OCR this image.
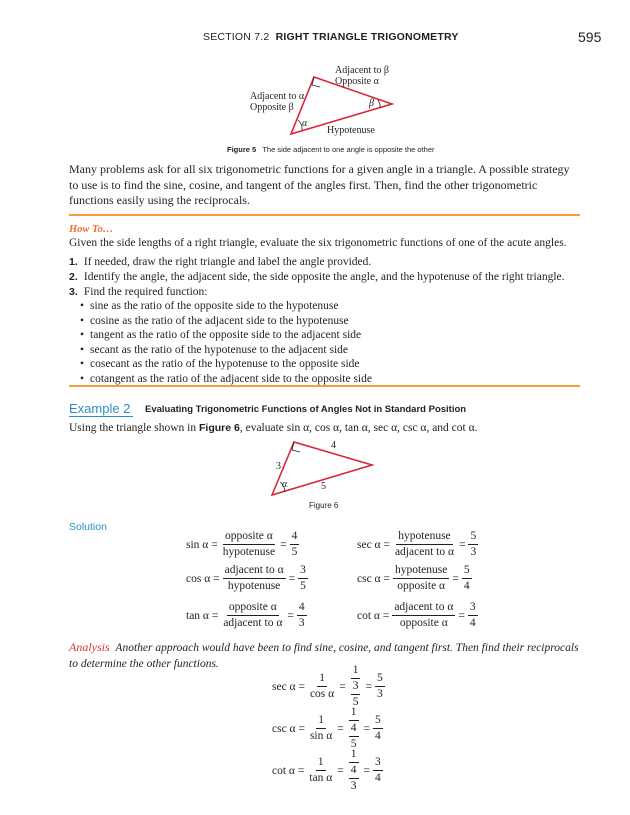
SECTION 7.2 RIGHT TRIANGLE TRIGONOMETRY	595
Adjacent to β
Opposite α
Adjacent to α
Opposite β
α
β
Hypotenuse
Figure 5 The side adjacent to one angle is opposite the other
Many problems ask for all six trigonometric functions for a given angle in a triangle. A possible strategy to use is to find the sine, cosine, and tangent of the angles first. Then, find the other trigonometric functions easily using the reciprocals.
How To…
Given the side lengths of a right triangle, evaluate the six trigonometric functions of one of the acute angles.
1. If needed, draw the right triangle and label the angle provided.
2. Identify the angle, the adjacent side, the side opposite the angle, and the hypotenuse of the right triangle.
3. Find the required function:
• sine as the ratio of the opposite side to the hypotenuse
• cosine as the ratio of the adjacent side to the hypotenuse
• tangent as the ratio of the opposite side to the adjacent side
• secant as the ratio of the hypotenuse to the adjacent side
• cosecant as the ratio of the hypotenuse to the opposite side
• cotangent as the ratio of the adjacent side to the opposite side
Example 2 Evaluating Trigonometric Functions of Angles Not in Standard Position
Using the triangle shown in Figure 6, evaluate sin α, cos α, tan α, sec α, csc α, and cot α.
4
3
5
α
Figure 6
Solution
$\sin \alpha = \frac{\text{opposite α}}{\text{hypotenuse}} = \frac{4}{5}$
$\cos \alpha = \frac{\text{adjacent to α}}{\text{hypotenuse}} = \frac{3}{5}$
$\tan \alpha = \frac{\text{opposite α}}{\text{adjacent to α}} = \frac{4}{3}$
$\sec \alpha = \frac{\text{hypotenuse}}{\text{adjacent to α}} = \frac{5}{3}$
$\csc \alpha = \frac{\text{hypotenuse}}{\text{opposite α}} = \frac{5}{4}$
$\cot \alpha = \frac{\text{adjacent to α}}{\text{opposite α}} = \frac{3}{4}$
Analysis Another approach would have been to find sine, cosine, and tangent first. Then find their reciprocals to determine the other functions.
$\sec \alpha = \frac{1}{\text{cos α}} = \frac{1}{\frac{3}{5}} = \frac{5}{3}$
$\csc \alpha = \frac{1}{\text{sin α}} = \frac{1}{\frac{4}{5}} = \frac{5}{4}$
$\cot \alpha = \frac{1}{\text{tan α}} = \frac{1}{\frac{4}{3}} = \frac{3}{4}$
